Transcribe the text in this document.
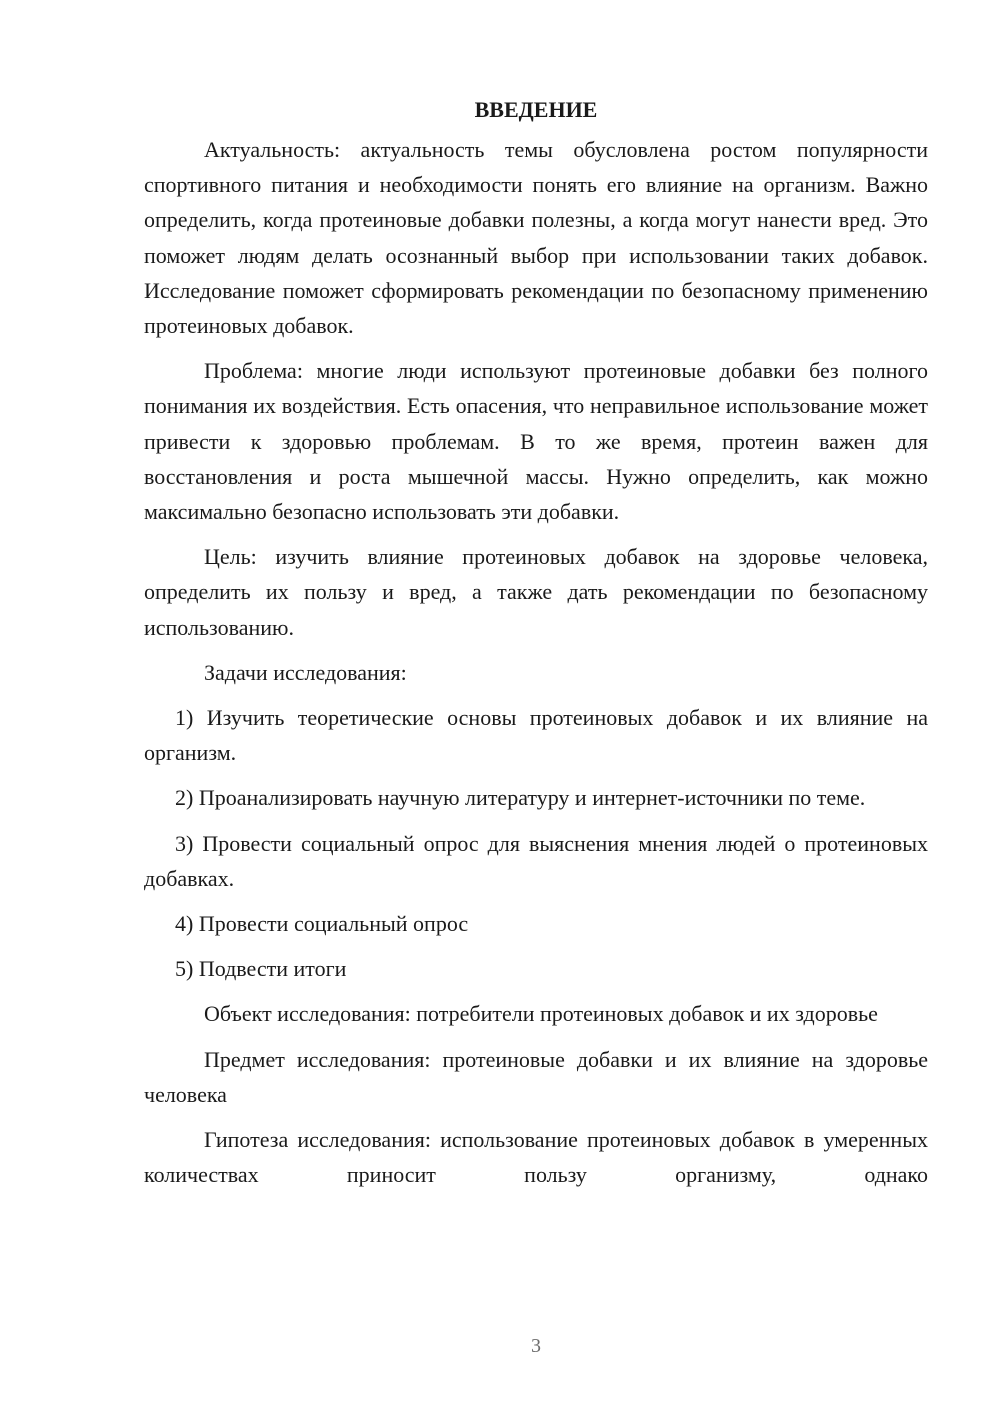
ВВЕДЕНИЕ

Актуальность: актуальность темы обусловлена ростом популярности спортивного питания и необходимости понять его влияние на организм. Важно определить, когда протеиновые добавки полезны, а когда могут нанести вред. Это поможет людям делать осознанный выбор при использовании таких добавок. Исследование поможет сформировать рекомендации по безопасному применению протеиновых добавок.

Проблема: многие люди используют протеиновые добавки без полного понимания их воздействия. Есть опасения, что неправильное использование может привести к здоровью проблемам. В то же время, протеин важен для восстановления и роста мышечной массы. Нужно определить, как можно максимально безопасно использовать эти добавки.

Цель: изучить влияние протеиновых добавок на здоровье человека, определить их пользу и вред, а также дать рекомендации по безопасному использованию.

Задачи исследования:

1) Изучить теоретические основы протеиновых добавок и их влияние на организм.

2) Проанализировать научную литературу и интернет-источники по теме.

3) Провести социальный опрос для выяснения мнения людей о протеиновых добавках.

4) Провести социальный опрос

5) Подвести итоги

Объект исследования: потребители протеиновых добавок и их здоровье

Предмет исследования: протеиновые добавки и их влияние на здоровье человека

Гипотеза исследования: использование протеиновых добавок в умеренных количествах приносит пользу организму, однако

3
